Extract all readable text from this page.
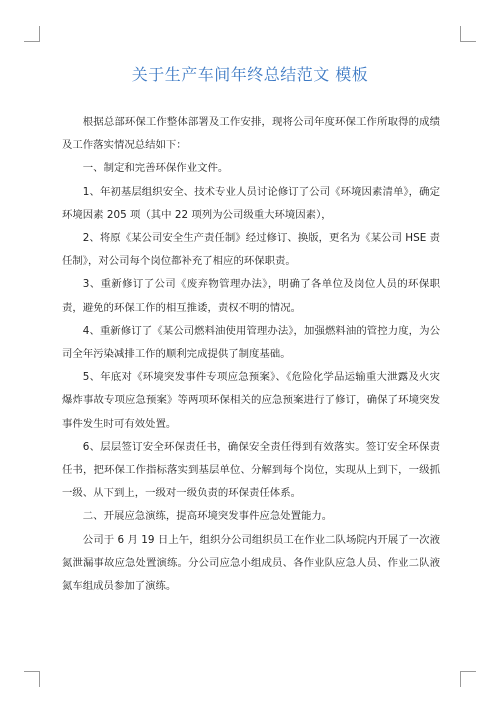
关于生产车间年终总结范文 模板

根据总部环保工作整体部署及工作安排，现将公司年度环保工作所取得的成绩及工作落实情况总结如下：

一、制定和完善环保作业文件。

1、年初基层组织安全、技术专业人员讨论修订了公司《环境因素清单》，确定环境因素 205 项（其中 22 项列为公司级重大环境因素），

2、将原《某公司安全生产责任制》经过修订、换版，更名为《某公司 HSE 责任制》，对公司每个岗位都补充了相应的环保职责。

3、重新修订了公司《废弃物管理办法》，明确了各单位及岗位人员的环保职责，避免的环保工作的相互推诿，责权不明的情况。

4、重新修订了《某公司燃料油使用管理办法》，加强燃料油的管控力度，为公司全年污染减排工作的顺利完成提供了制度基础。

5、年底对《环境突发事件专项应急预案》、《危险化学品运输重大泄露及火灾爆炸事故专项应急预案》等两项环保相关的应急预案进行了修订，确保了环境突发事件发生时可有效处置。

6、层层签订安全环保责任书，确保安全责任得到有效落实。签订安全环保责任书，把环保工作指标落实到基层单位、分解到每个岗位，实现从上到下，一级抓一级、从下到上，一级对一级负责的环保责任体系。

二、开展应急演练，提高环境突发事件应急处置能力。

公司于 6 月 19 日上午，组织分公司组织员工在作业二队场院内开展了一次液氮泄漏事故应急处置演练。分公司应急小组成员、各作业队应急人员、作业二队液氮车组成员参加了演练。
